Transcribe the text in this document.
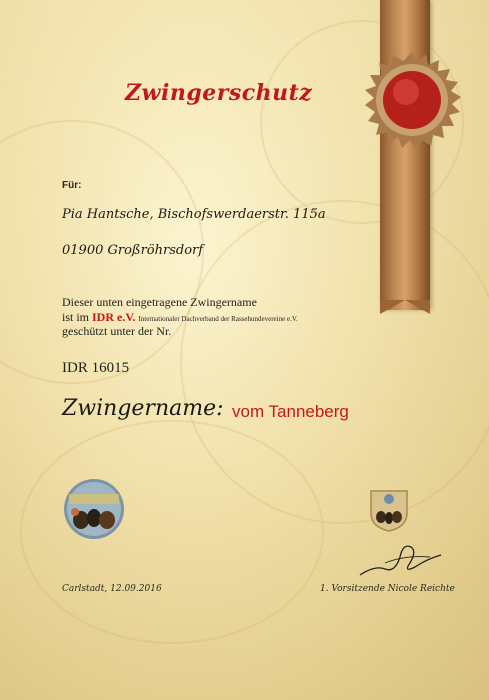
Zwingerschutz
Für:
Pia Hantsche, Bischofswerdaerstr. 115a
01900 Großröhrsdorf
Dieser unten eingetragene Zwingername
ist im IDR e.V. Internationaler Dachverband der Rassehundevereine e.V.
geschützt unter der Nr.
IDR 16015
Zwingername: vom Tanneberg
Carlstadt, 12.09.2016	1. Vorsitzende Nicole Reichte
